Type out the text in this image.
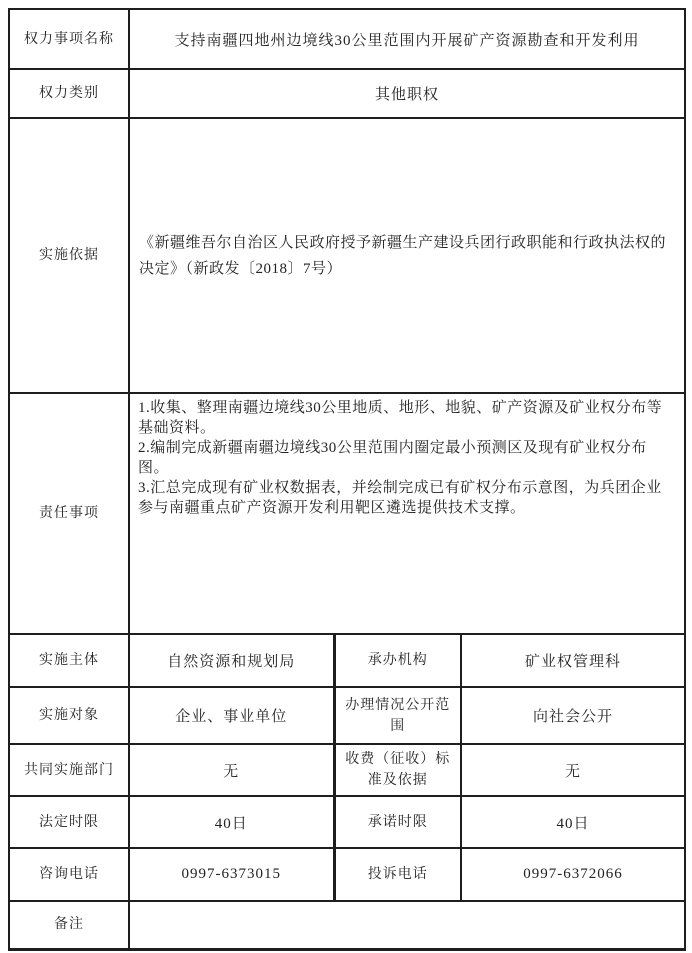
权力事项名称	支持南疆四地州边境线30公里范围内开展矿产资源勘查和开发利用		
权力类别	其他职权		
实施依据	《新疆维吾尔自治区人民政府授予新疆生产建设兵团行政职能和行政执法权的决定》（新政发〔2018〕7号）		
责任事项	1.收集、整理南疆边境线30公里地质、地形、地貌、矿产资源及矿业权分布等基础资料。
2.编制完成新疆南疆边境线30公里范围内圈定最小预测区及现有矿业权分布图。
3.汇总完成现有矿业权数据表，并绘制完成已有矿权分布示意图，为兵团企业参与南疆重点矿产资源开发利用靶区遴选提供技术支撑。		

实施主体	自然资源和规划局	承办机构	矿业权管理科
实施对象	企业、事业单位	办理情况公开范围	向社会公开
共同实施部门	无	收费（征收）标准及依据	无
法定时限	40日	承诺时限	40日
咨询电话	0997-6373015	投诉电话	0997-6372066
备注			
